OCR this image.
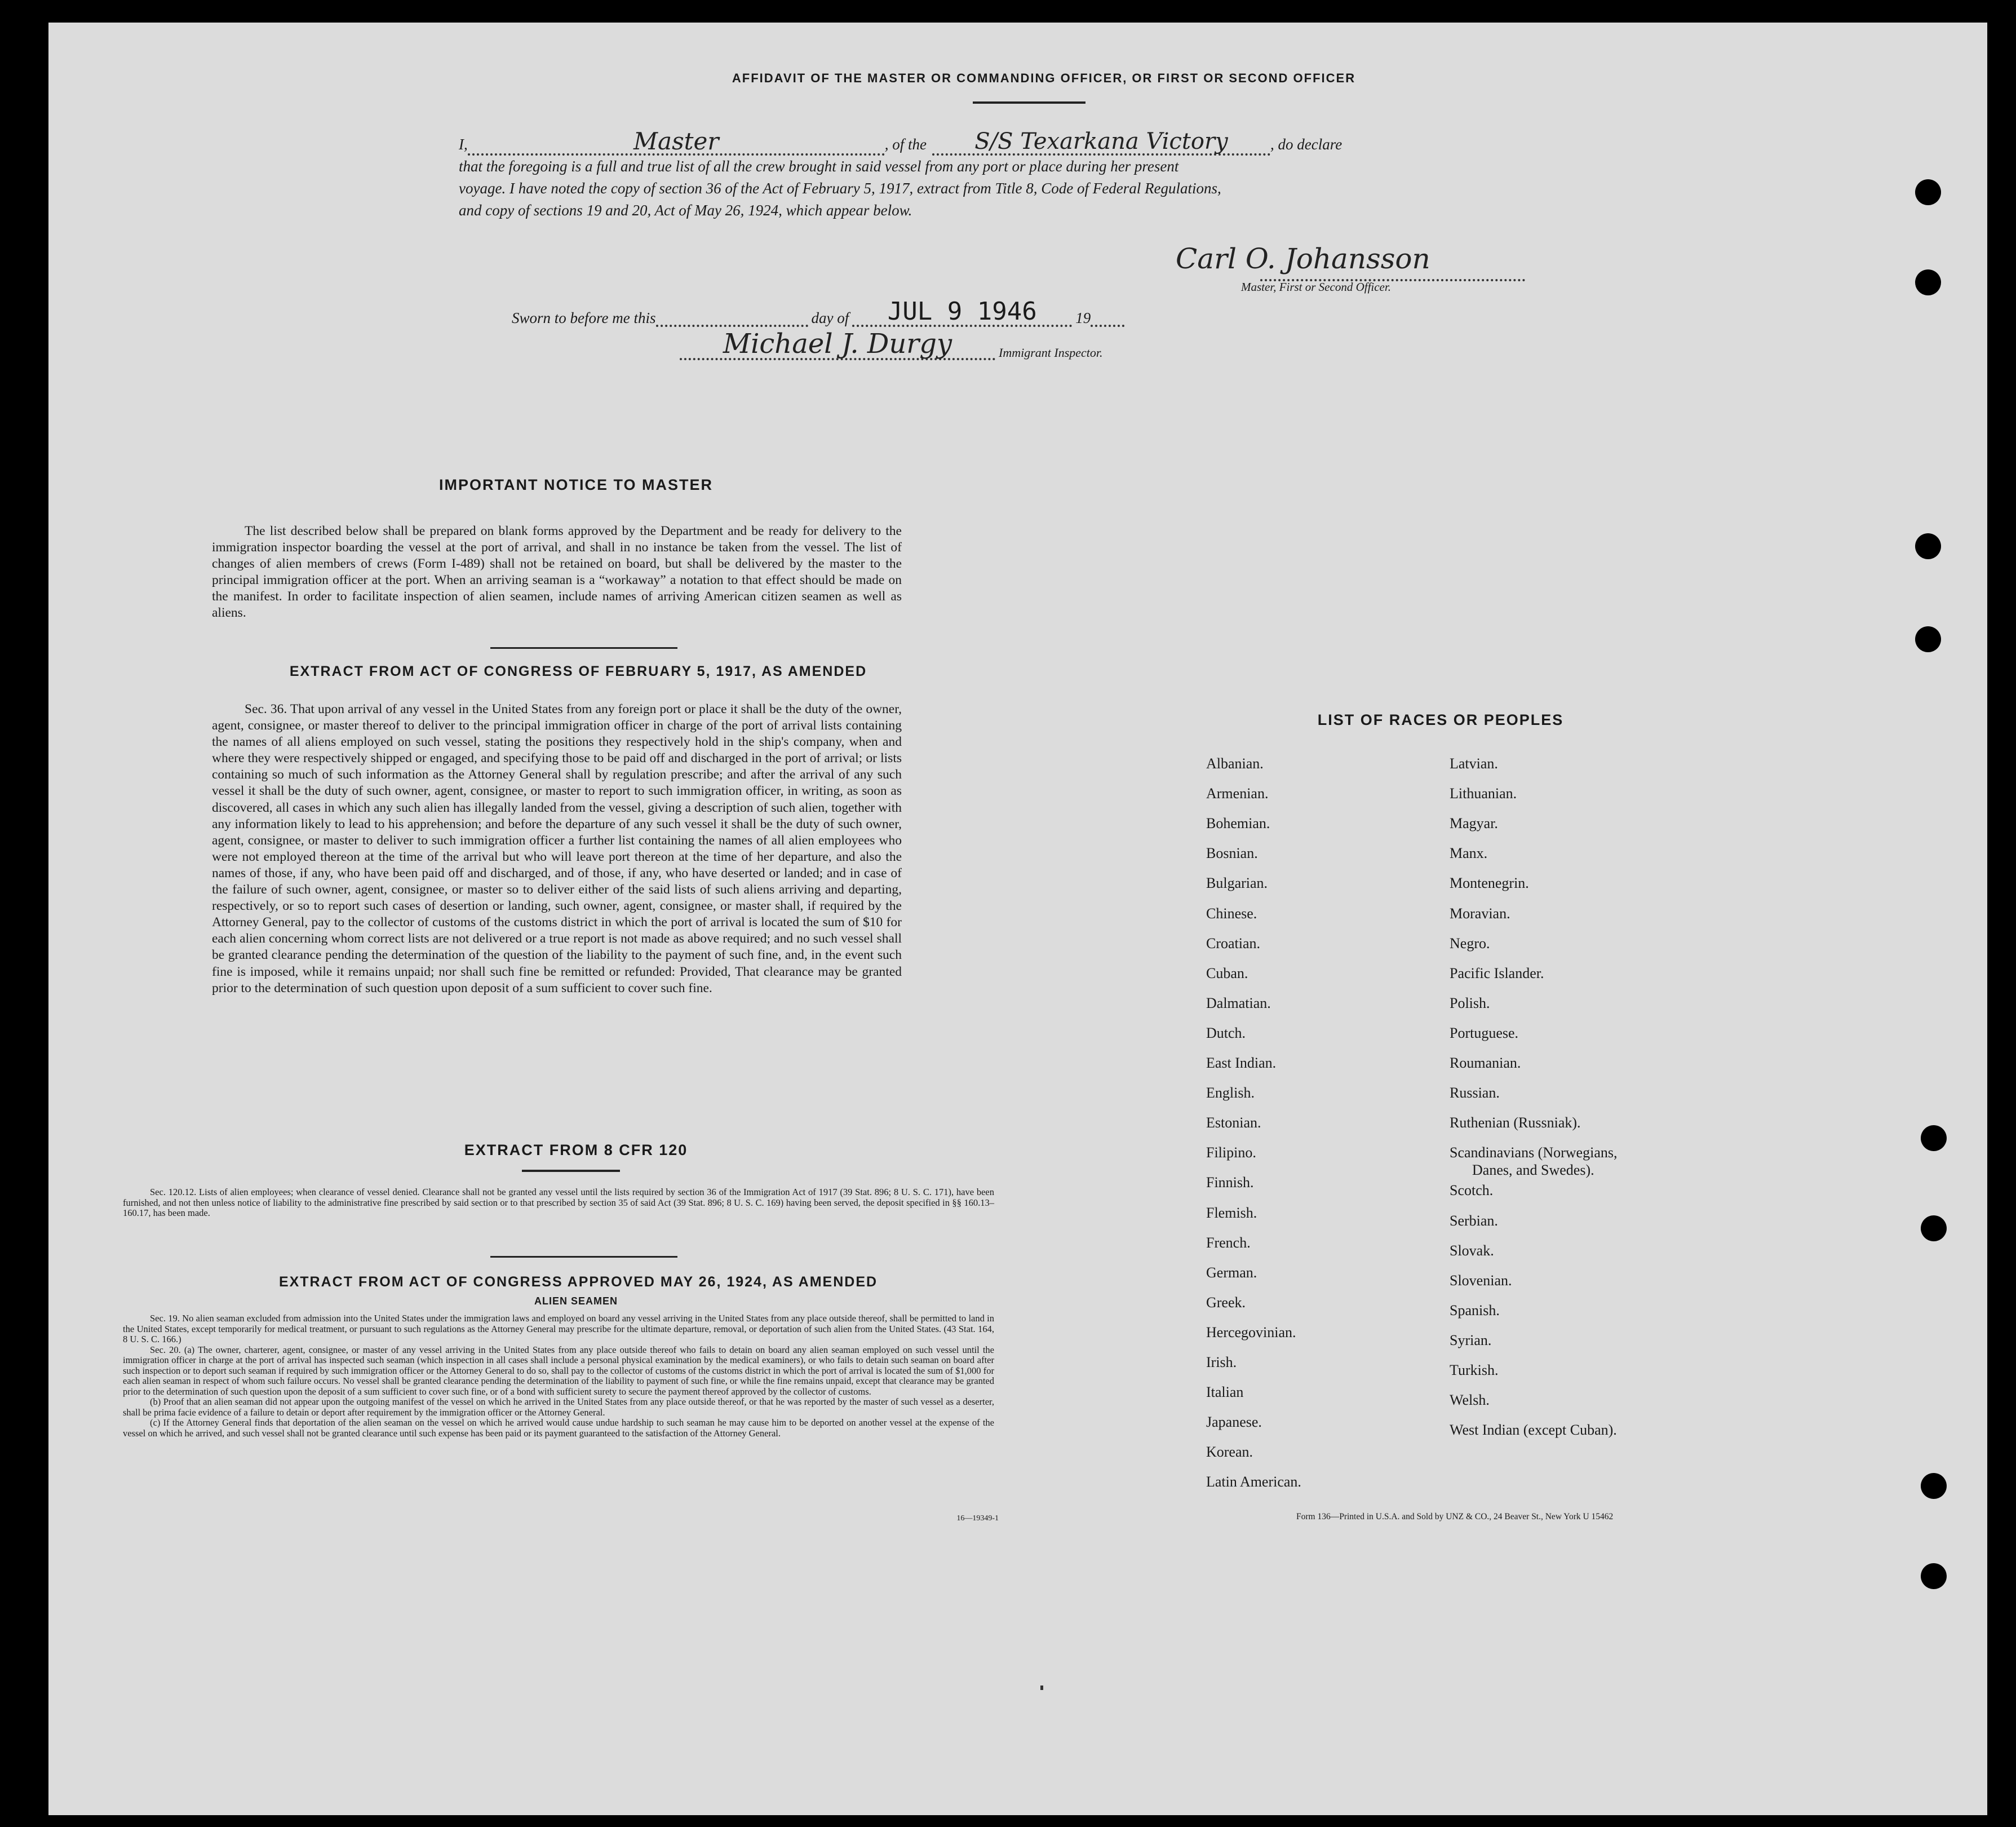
AFFIDAVIT OF THE MASTER OR COMMANDING OFFICER, OR FIRST OR SECOND OFFICER
I,	Master	, of the	S/S Texarkana Victory	, do declare
that the foregoing is a full and true list of all the crew brought in said vessel from any port or place during her present
voyage. I have noted the copy of section 36 of the Act of February 5, 1917, extract from Title 8, Code of Federal Regulations,
and copy of sections 19 and 20, Act of May 26, 1924, which appear below.
Carl O. Johansson
Master, First or Second Officer.
Sworn to before me this	day of	JUL 9 1946	19
Michael J. Durgy	Immigrant Inspector.
IMPORTANT NOTICE TO MASTER
The list described below shall be prepared on blank forms approved by the Department and be ready for delivery to the immigration inspector boarding the vessel at the port of arrival, and shall in no instance be taken from the vessel. The list of changes of alien members of crews (Form I-489) shall not be retained on board, but shall be delivered by the master to the principal immigration officer at the port. When an arriving seaman is a “workaway” a notation to that effect should be made on the manifest. In order to facilitate inspection of alien seamen, include names of arriving American citizen seamen as well as aliens.
EXTRACT FROM ACT OF CONGRESS OF FEBRUARY 5, 1917, AS AMENDED
Sec. 36. That upon arrival of any vessel in the United States from any foreign port or place it shall be the duty of the owner, agent, consignee, or master thereof to deliver to the principal immigration officer in charge of the port of arrival lists containing the names of all aliens employed on such vessel, stating the positions they respectively hold in the ship's company, when and where they were respectively shipped or engaged, and specifying those to be paid off and discharged in the port of arrival; or lists containing so much of such information as the Attorney General shall by regulation prescribe; and after the arrival of any such vessel it shall be the duty of such owner, agent, consignee, or master to report to such immigration officer, in writing, as soon as discovered, all cases in which any such alien has illegally landed from the vessel, giving a description of such alien, together with any information likely to lead to his apprehension; and before the departure of any such vessel it shall be the duty of such owner, agent, consignee, or master to deliver to such immigration officer a further list containing the names of all alien employees who were not employed thereon at the time of the arrival but who will leave port thereon at the time of her departure, and also the names of those, if any, who have been paid off and discharged, and of those, if any, who have deserted or landed; and in case of the failure of such owner, agent, consignee, or master so to deliver either of the said lists of such aliens arriving and departing, respectively, or so to report such cases of desertion or landing, such owner, agent, consignee, or master shall, if required by the Attorney General, pay to the collector of customs of the customs district in which the port of arrival is located the sum of $10 for each alien concerning whom correct lists are not delivered or a true report is not made as above required; and no such vessel shall be granted clearance pending the determination of the question of the liability to the payment of such fine, and, in the event such fine is imposed, while it remains unpaid; nor shall such fine be remitted or refunded: Provided, That clearance may be granted prior to the determination of such question upon deposit of a sum sufficient to cover such fine.
EXTRACT FROM 8 CFR 120
Sec. 120.12. Lists of alien employees; when clearance of vessel denied. Clearance shall not be granted any vessel until the lists required by section 36 of the Immigration Act of 1917 (39 Stat. 896; 8 U. S. C. 171), have been furnished, and not then unless notice of liability to the administrative fine prescribed by said section or to that prescribed by section 35 of said Act (39 Stat. 896; 8 U. S. C. 169) having been served, the deposit specified in §§ 160.13–160.17, has been made.
EXTRACT FROM ACT OF CONGRESS APPROVED MAY 26, 1924, AS AMENDED
ALIEN SEAMEN
Sec. 19. No alien seaman excluded from admission into the United States under the immigration laws and employed on board any vessel arriving in the United States from any place outside thereof, shall be permitted to land in the United States, except temporarily for medical treatment, or pursuant to such regulations as the Attorney General may prescribe for the ultimate departure, removal, or deportation of such alien from the United States. (43 Stat. 164, 8 U. S. C. 166.)
Sec. 20. (a) The owner, charterer, agent, consignee, or master of any vessel arriving in the United States from any place outside thereof who fails to detain on board any alien seaman employed on such vessel until the immigration officer in charge at the port of arrival has inspected such seaman (which inspection in all cases shall include a personal physical examination by the medical examiners), or who fails to detain such seaman on board after such inspection or to deport such seaman if required by such immigration officer or the Attorney General to do so, shall pay to the collector of customs of the customs district in which the port of arrival is located the sum of $1,000 for each alien seaman in respect of whom such failure occurs. No vessel shall be granted clearance pending the determination of the liability to payment of such fine, or while the fine remains unpaid, except that clearance may be granted prior to the determination of such question upon the deposit of a sum sufficient to cover such fine, or of a bond with sufficient surety to secure the payment thereof approved by the collector of customs.
(b) Proof that an alien seaman did not appear upon the outgoing manifest of the vessel on which he arrived in the United States from any place outside thereof, or that he was reported by the master of such vessel as a deserter, shall be prima facie evidence of a failure to detain or deport after requirement by the immigration officer or the Attorney General.
(c) If the Attorney General finds that deportation of the alien seaman on the vessel on which he arrived would cause undue hardship to such seaman he may cause him to be deported on another vessel at the expense of the vessel on which he arrived, and such vessel shall not be granted clearance until such expense has been paid or its payment guaranteed to the satisfaction of the Attorney General.
16—19349-1
LIST OF RACES OR PEOPLES
Albanian.
Armenian.
Bohemian.
Bosnian.
Bulgarian.
Chinese.
Croatian.
Cuban.
Dalmatian.
Dutch.
East Indian.
English.
Estonian.
Filipino.
Finnish.
Flemish.
French.
German.
Greek.
Hercegovinian.
Irish.
Italian
Japanese.
Korean.
Latin American.
Latvian.
Lithuanian.
Magyar.
Manx.
Montenegrin.
Moravian.
Negro.
Pacific Islander.
Polish.
Portuguese.
Roumanian.
Russian.
Ruthenian (Russniak).
Scandinavians (Norwegians,
Danes, and Swedes).
Scotch.
Serbian.
Slovak.
Slovenian.
Spanish.
Syrian.
Turkish.
Welsh.
West Indian (except Cuban).
Form 136—Printed in U.S.A. and Sold by UNZ & CO., 24 Beaver St., New York U 15462
